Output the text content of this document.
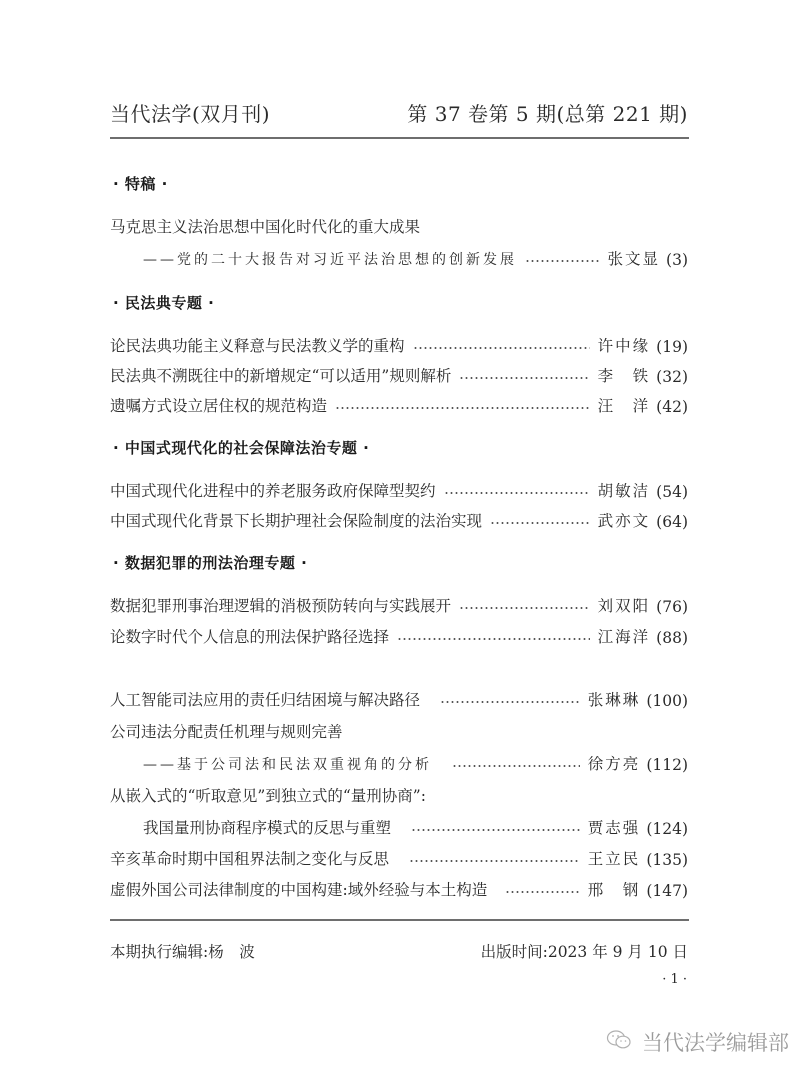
当代法学(双月刊)	第 37 卷第 5 期(总第 221 期)
· 特稿 ·
马克思主义法治思想中国化时代化的重大成果
——党的二十大报告对习近平法治思想的创新发展	张文显 (3)
· 民法典专题 ·
论民法典功能主义释意与民法教义学的重构	许中缘 (19)
民法典不溯既往中的新增规定“可以适用”规则解析	李　铁 (32)
遗嘱方式设立居住权的规范构造	汪　洋 (42)
· 中国式现代化的社会保障法治专题 ·
中国式现代化进程中的养老服务政府保障型契约	胡敏洁 (54)
中国式现代化背景下长期护理社会保险制度的法治实现	武亦文 (64)
· 数据犯罪的刑法治理专题 ·
数据犯罪刑事治理逻辑的消极预防转向与实践展开	刘双阳 (76)
论数字时代个人信息的刑法保护路径选择	江海洋 (88)
人工智能司法应用的责任归结困境与解决路径	张琳琳 (100)
公司违法分配责任机理与规则完善
——基于公司法和民法双重视角的分析	徐方亮 (112)
从嵌入式的“听取意见”到独立式的“量刑协商”:
我国量刑协商程序模式的反思与重塑	贾志强 (124)
辛亥革命时期中国租界法制之变化与反思	王立民 (135)
虚假外国公司法律制度的中国构建:域外经验与本土构造	邢　钢 (147)
本期执行编辑:杨　波	出版时间:2023 年 9 月 10 日
· 1 ·
当代法学编辑部
